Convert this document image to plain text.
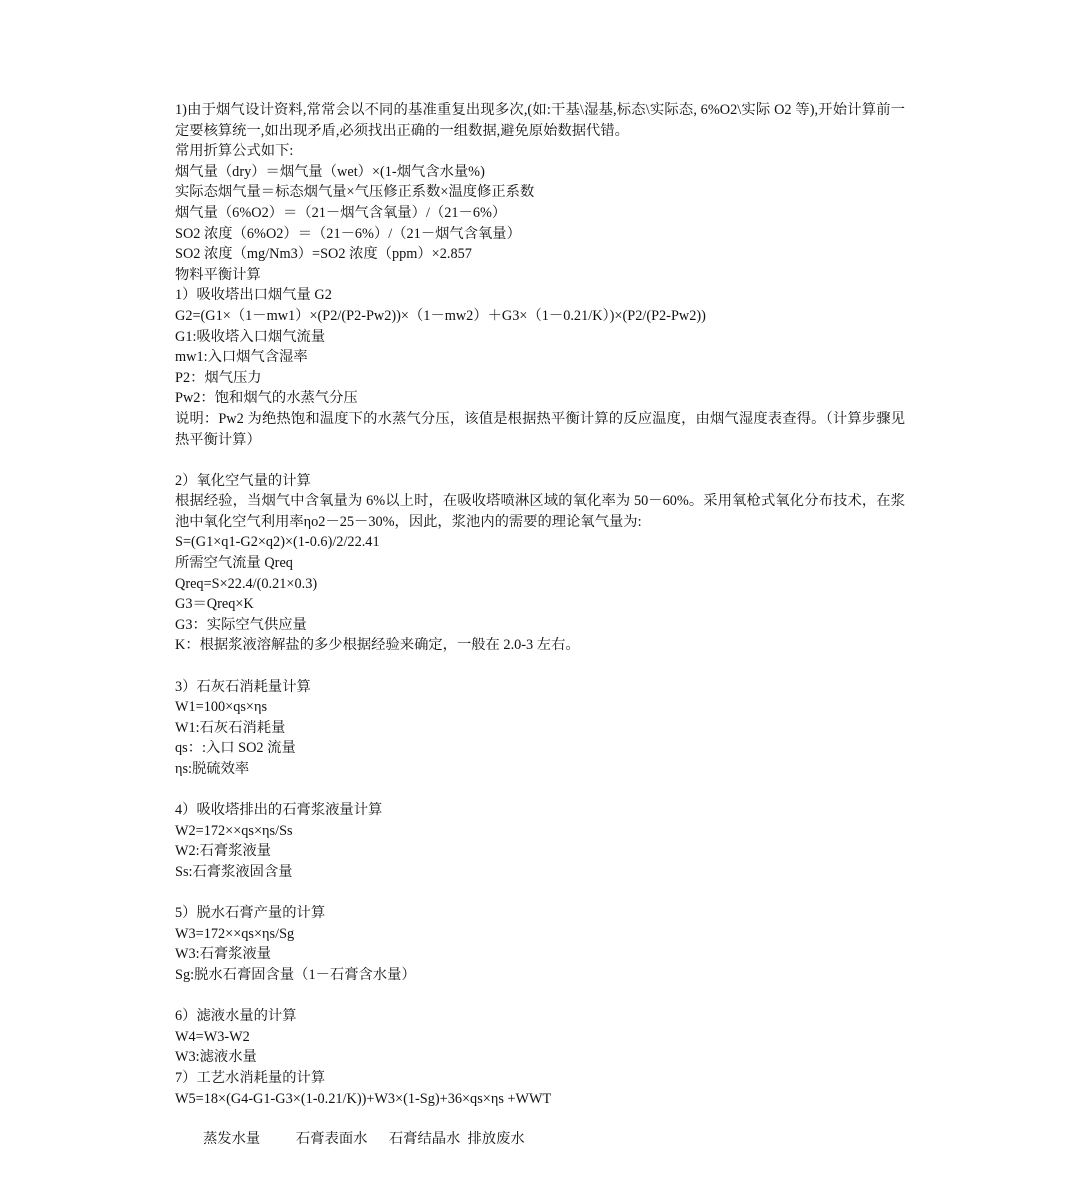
1)由于烟气设计资料,常常会以不同的基准重复出现多次,(如:干基\湿基,标态\实际态, 6%O2\实际 O2 等),开始计算前一定要核算统一,如出现矛盾,必须找出正确的一组数据,避免原始数据代错。
常用折算公式如下:
烟气量（dry）＝烟气量（wet）×(1-烟气含水量%)
实际态烟气量＝标态烟气量×气压修正系数×温度修正系数
烟气量（6%O2）＝（21－烟气含氧量）/（21－6%）
SO2 浓度（6%O2）＝（21－6%）/（21－烟气含氧量）
SO2 浓度（mg/Nm3）=SO2 浓度（ppm）×2.857
物料平衡计算
1）吸收塔出口烟气量 G2
G2=(G1×（1－mw1）×(P2/(P2-Pw2))×（1－mw2）＋G3×（1－0.21/K）)×(P2/(P2-Pw2))
G1:吸收塔入口烟气流量
mw1:入口烟气含湿率
P2：烟气压力
Pw2：饱和烟气的水蒸气分压
说明：Pw2 为绝热饱和温度下的水蒸气分压，该值是根据热平衡计算的反应温度，由烟气湿度表查得。（计算步骤见热平衡计算）
2）氧化空气量的计算
根据经验，当烟气中含氧量为 6%以上时，在吸收塔喷淋区域的氧化率为 50－60%。采用氧枪式氧化分布技术，在浆池中氧化空气利用率ηo2－25－30%，因此，浆池内的需要的理论氧气量为:
S=(G1×q1-G2×q2)×(1-0.6)/2/22.41
所需空气流量 Qreq
Qreq=S×22.4/(0.21×0.3)
G3＝Qreq×K
G3：实际空气供应量
K：根据浆液溶解盐的多少根据经验来确定，一般在 2.0-3 左右。
3）石灰石消耗量计算
W1=100×qs×ηs
W1:石灰石消耗量
qs：:入口 SO2 流量
ηs:脱硫效率
4）吸收塔排出的石膏浆液量计算
W2=172××qs×ηs/Ss
W2:石膏浆液量
Ss:石膏浆液固含量
5）脱水石膏产量的计算
W3=172××qs×ηs/Sg
W3:石膏浆液量
Sg:脱水石膏固含量（1－石膏含水量）
6）滤液水量的计算
W4=W3-W2
W3:滤液水量
7）工艺水消耗量的计算
W5=18×(G4-G1-G3×(1-0.21/K))+W3×(1-Sg)+36×qs×ηs +WWT
蒸发水量          石膏表面水      石膏结晶水  排放废水
